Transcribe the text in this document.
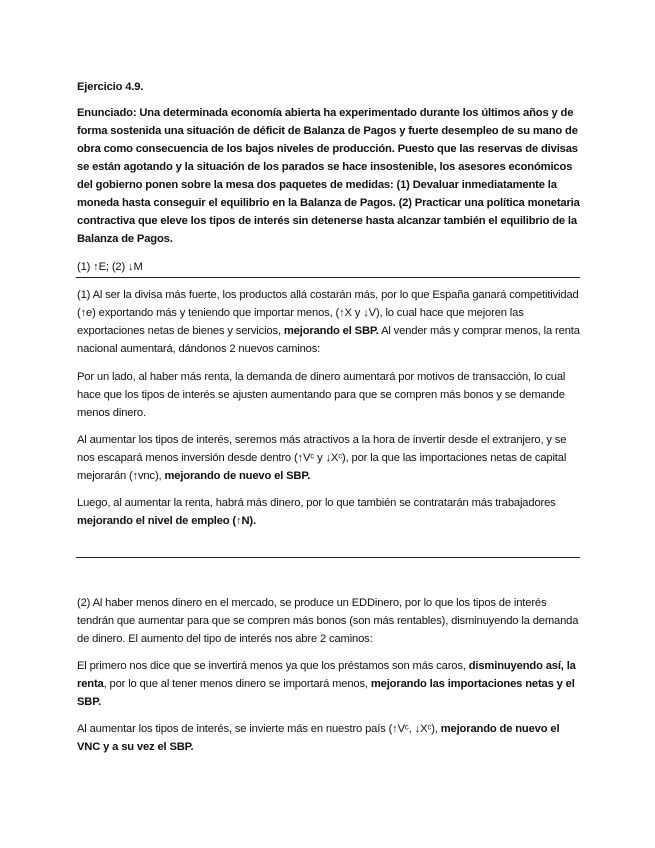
Ejercicio 4.9.
Enunciado: Una determinada economía abierta ha experimentado durante los últimos años y de forma sostenida una situación de déficit de Balanza de Pagos y fuerte desempleo de su mano de obra como consecuencia de los bajos niveles de producción. Puesto que las reservas de divisas se están agotando y la situación de los parados se hace insostenible, los asesores económicos del gobierno ponen sobre la mesa dos paquetes de medidas: (1) Devaluar inmediatamente la moneda hasta conseguir el equilibrio en la Balanza de Pagos. (2) Practicar una política monetaria contractiva que eleve los tipos de interés sin detenerse hasta alcanzar también el equilibrio de la Balanza de Pagos.
(1) ↑E; (2) ↓M
(1) Al ser la divisa más fuerte, los productos allá costarán más, por lo que España ganará competitividad (↑e) exportando más y teniendo que importar menos, (↑X y ↓V), lo cual hace que mejoren las exportaciones netas de bienes y servicios, mejorando el SBP. Al vender más y comprar menos, la renta nacional aumentará, dándonos 2 nuevos caminos:
Por un lado, al haber más renta, la demanda de dinero aumentará por motivos de transacción, lo cual hace que los tipos de interés se ajusten aumentando para que se compren más bonos y se demande menos dinero.
Al aumentar los tipos de interés, seremos más atractivos a la hora de invertir desde el extranjero, y se nos escapará menos inversión desde dentro (↑Vᶜ y ↓Xᶜ), por la que las importaciones netas de capital mejorarán (↑vnc), mejorando de nuevo el SBP.
Luego, al aumentar la renta, habrá más dinero, por lo que también se contratarán más trabajadores mejorando el nivel de empleo (↑N).
(2) Al haber menos dinero en el mercado, se produce un EDDinero, por lo que los tipos de interés tendrán que aumentar para que se compren más bonos (son más rentables), disminuyendo la demanda de dinero. El aumento del tipo de interés nos abre 2 caminos:
El primero nos dice que se invertirá menos ya que los préstamos son más caros, disminuyendo así, la renta, por lo que al tener menos dinero se importará menos, mejorando las importaciones netas y el SBP.
Al aumentar los tipos de interés, se invierte más en nuestro país (↑Vᶜ, ↓Xᶜ), mejorando de nuevo el VNC y a su vez el SBP.
